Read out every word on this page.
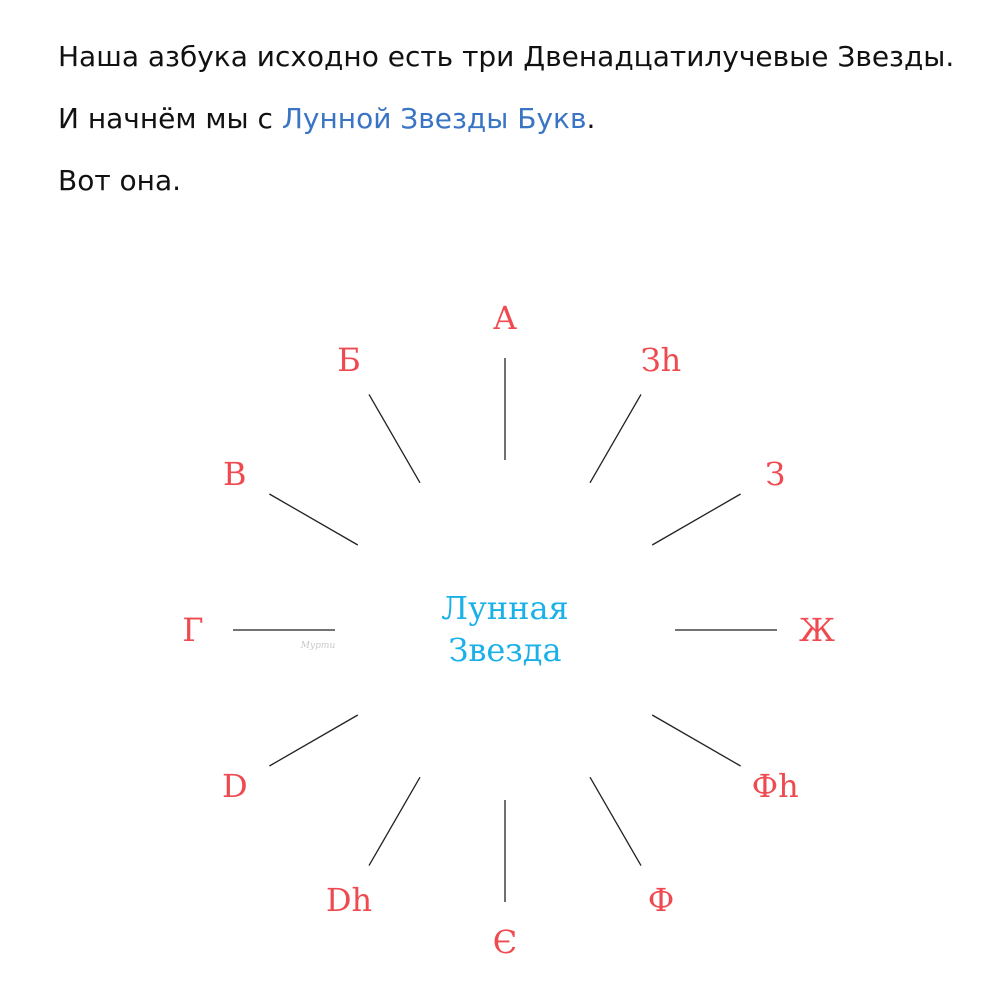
Наша азбука исходно есть три Двенадцатилучевые Звезды.

И начнём мы с Лунной Звезды Букв.

Вот она.

А
Зh
З
Ж
Фh
Ф
Є
Dh
D
Г
В
Б
Лунная
Звезда
Мурти
